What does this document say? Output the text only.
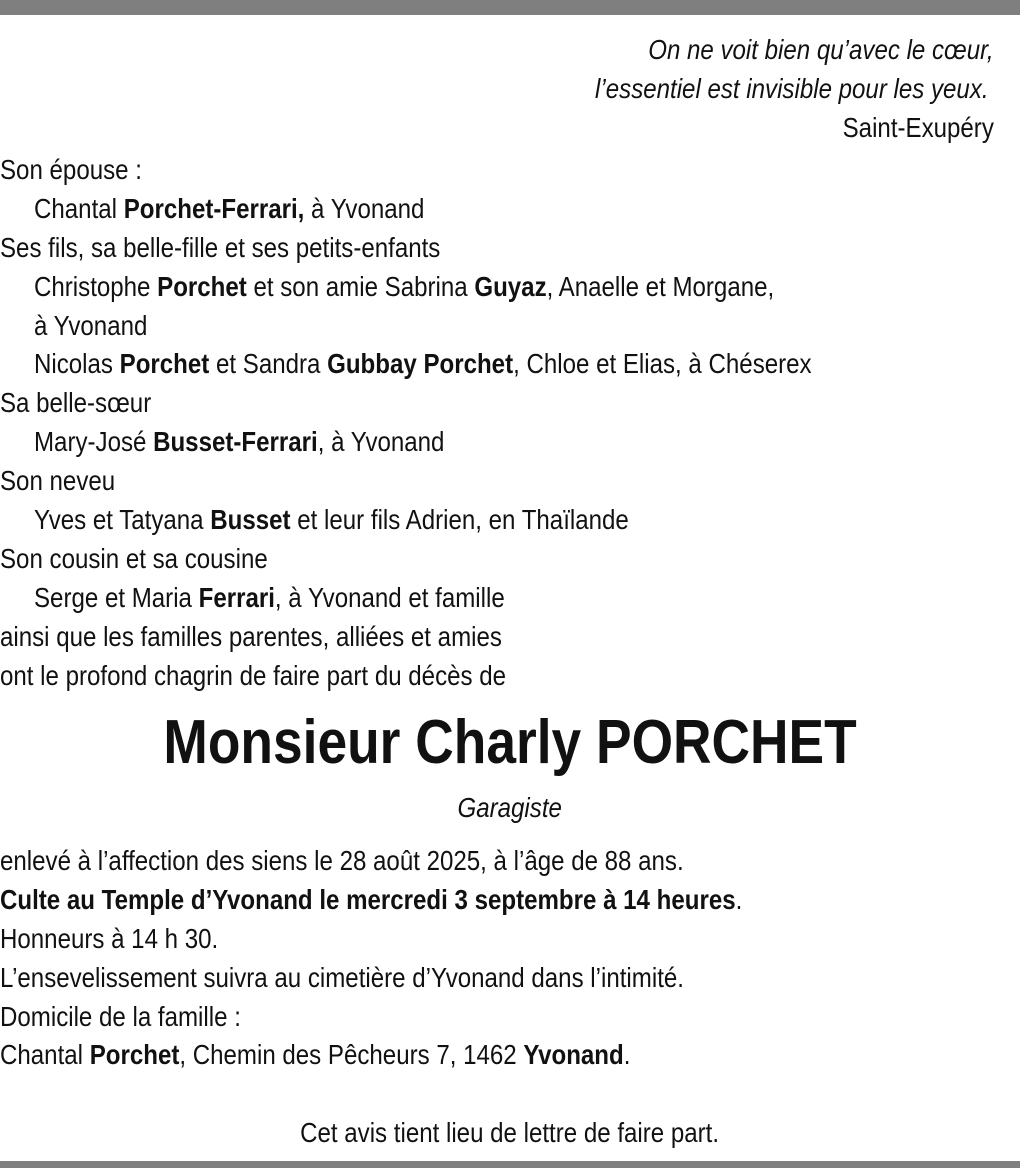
On ne voit bien qu’avec le cœur,
l’essentiel est invisible pour les yeux.
Saint-Exupéry
Son épouse :
Chantal Porchet-Ferrari, à Yvonand
Ses fils, sa belle-fille et ses petits-enfants
Christophe Porchet et son amie Sabrina Guyaz, Anaelle et Morgane,
à Yvonand
Nicolas Porchet et Sandra Gubbay Porchet, Chloe et Elias, à Chéserex
Sa belle-sœur
Mary-José Busset-Ferrari, à Yvonand
Son neveu
Yves et Tatyana Busset et leur fils Adrien, en Thaïlande
Son cousin et sa cousine
Serge et Maria Ferrari, à Yvonand et famille
ainsi que les familles parentes, alliées et amies
ont le profond chagrin de faire part du décès de
Monsieur Charly PORCHET
Garagiste
enlevé à l’affection des siens le 28 août 2025, à l’âge de 88 ans.
Culte au Temple d’Yvonand le mercredi 3 septembre à 14 heures.
Honneurs à 14 h 30.
L’ensevelissement suivra au cimetière d’Yvonand dans l’intimité.
Domicile de la famille :
Chantal Porchet, Chemin des Pêcheurs 7, 1462 Yvonand.
Cet avis tient lieu de lettre de faire part.
